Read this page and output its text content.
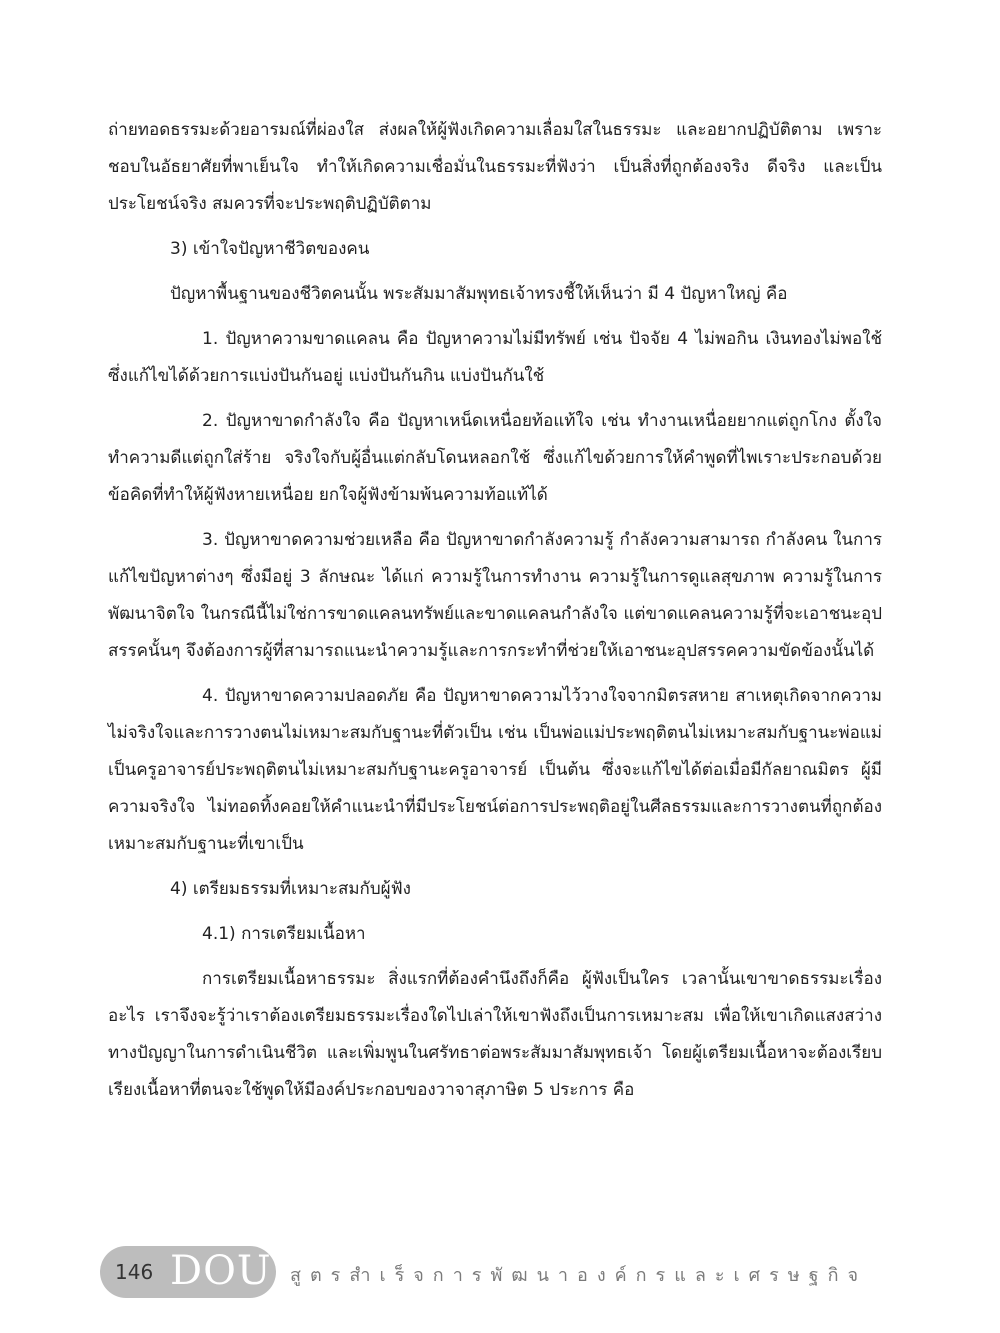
ถ่ายทอดธรรมะด้วยอารมณ์ที่ผ่องใส ส่งผลให้ผู้ฟังเกิดความเลื่อมใสในธรรมะ และอยากปฏิบัติตาม เพราะชอบในอัธยาศัยที่พาเย็นใจ ทำให้เกิดความเชื่อมั่นในธรรมะที่ฟังว่า เป็นสิ่งที่ถูกต้องจริง ดีจริง และเป็นประโยชน์จริง สมควรที่จะประพฤติปฏิบัติตาม

3) เข้าใจปัญหาชีวิตของคน

ปัญหาพื้นฐานของชีวิตคนนั้น พระสัมมาสัมพุทธเจ้าทรงชี้ให้เห็นว่า มี 4 ปัญหาใหญ่ คือ

1. ปัญหาความขาดแคลน คือ ปัญหาความไม่มีทรัพย์ เช่น ปัจจัย 4 ไม่พอกิน เงินทองไม่พอใช้ ซึ่งแก้ไขได้ด้วยการแบ่งปันกันอยู่ แบ่งปันกันกิน แบ่งปันกันใช้

2. ปัญหาขาดกำลังใจ คือ ปัญหาเหน็ดเหนื่อยท้อแท้ใจ เช่น ทำงานเหนื่อยยากแต่ถูกโกง ตั้งใจทำความดีแต่ถูกใส่ร้าย จริงใจกับผู้อื่นแต่กลับโดนหลอกใช้ ซึ่งแก้ไขด้วยการให้คำพูดที่ไพเราะประกอบด้วยข้อคิดที่ทำให้ผู้ฟังหายเหนื่อย ยกใจผู้ฟังข้ามพ้นความท้อแท้ได้

3. ปัญหาขาดความช่วยเหลือ คือ ปัญหาขาดกำลังความรู้ กำลังความสามารถ กำลังคน ในการแก้ไขปัญหาต่างๆ ซึ่งมีอยู่ 3 ลักษณะ ได้แก่ ความรู้ในการทำงาน ความรู้ในการดูแลสุขภาพ ความรู้ในการพัฒนาจิตใจ ในกรณีนี้ไม่ใช่การขาดแคลนทรัพย์และขาดแคลนกำลังใจ แต่ขาดแคลนความรู้ที่จะเอาชนะอุปสรรคนั้นๆ จึงต้องการผู้ที่สามารถแนะนำความรู้และการกระทำที่ช่วยให้เอาชนะอุปสรรคความขัดข้องนั้นได้

4. ปัญหาขาดความปลอดภัย คือ ปัญหาขาดความไว้วางใจจากมิตรสหาย สาเหตุเกิดจากความไม่จริงใจและการวางตนไม่เหมาะสมกับฐานะที่ตัวเป็น เช่น เป็นพ่อแม่ประพฤติตนไม่เหมาะสมกับฐานะพ่อแม่ เป็นครูอาจารย์ประพฤติตนไม่เหมาะสมกับฐานะครูอาจารย์ เป็นต้น ซึ่งจะแก้ไขได้ต่อเมื่อมีกัลยาณมิตร ผู้มีความจริงใจ ไม่ทอดทิ้งคอยให้คำแนะนำที่มีประโยชน์ต่อการประพฤติอยู่ในศีลธรรมและการวางตนที่ถูกต้องเหมาะสมกับฐานะที่เขาเป็น

4) เตรียมธรรมที่เหมาะสมกับผู้ฟัง

4.1) การเตรียมเนื้อหา

การเตรียมเนื้อหาธรรมะ สิ่งแรกที่ต้องคำนึงถึงก็คือ ผู้ฟังเป็นใคร เวลานั้นเขาขาดธรรมะเรื่องอะไร เราจึงจะรู้ว่าเราต้องเตรียมธรรมะเรื่องใดไปเล่าให้เขาฟังถึงเป็นการเหมาะสม เพื่อให้เขาเกิดแสงสว่างทางปัญญาในการดำเนินชีวิต และเพิ่มพูนในศรัทธาต่อพระสัมมาสัมพุทธเจ้า โดยผู้เตรียมเนื้อหาจะต้องเรียบเรียงเนื้อหาที่ตนจะใช้พูดให้มีองค์ประกอบของวาจาสุภาษิต 5 ประการ คือ

146 DOU สูตรสำเร็จการพัฒนาองค์กรและเศรษฐกิจ
